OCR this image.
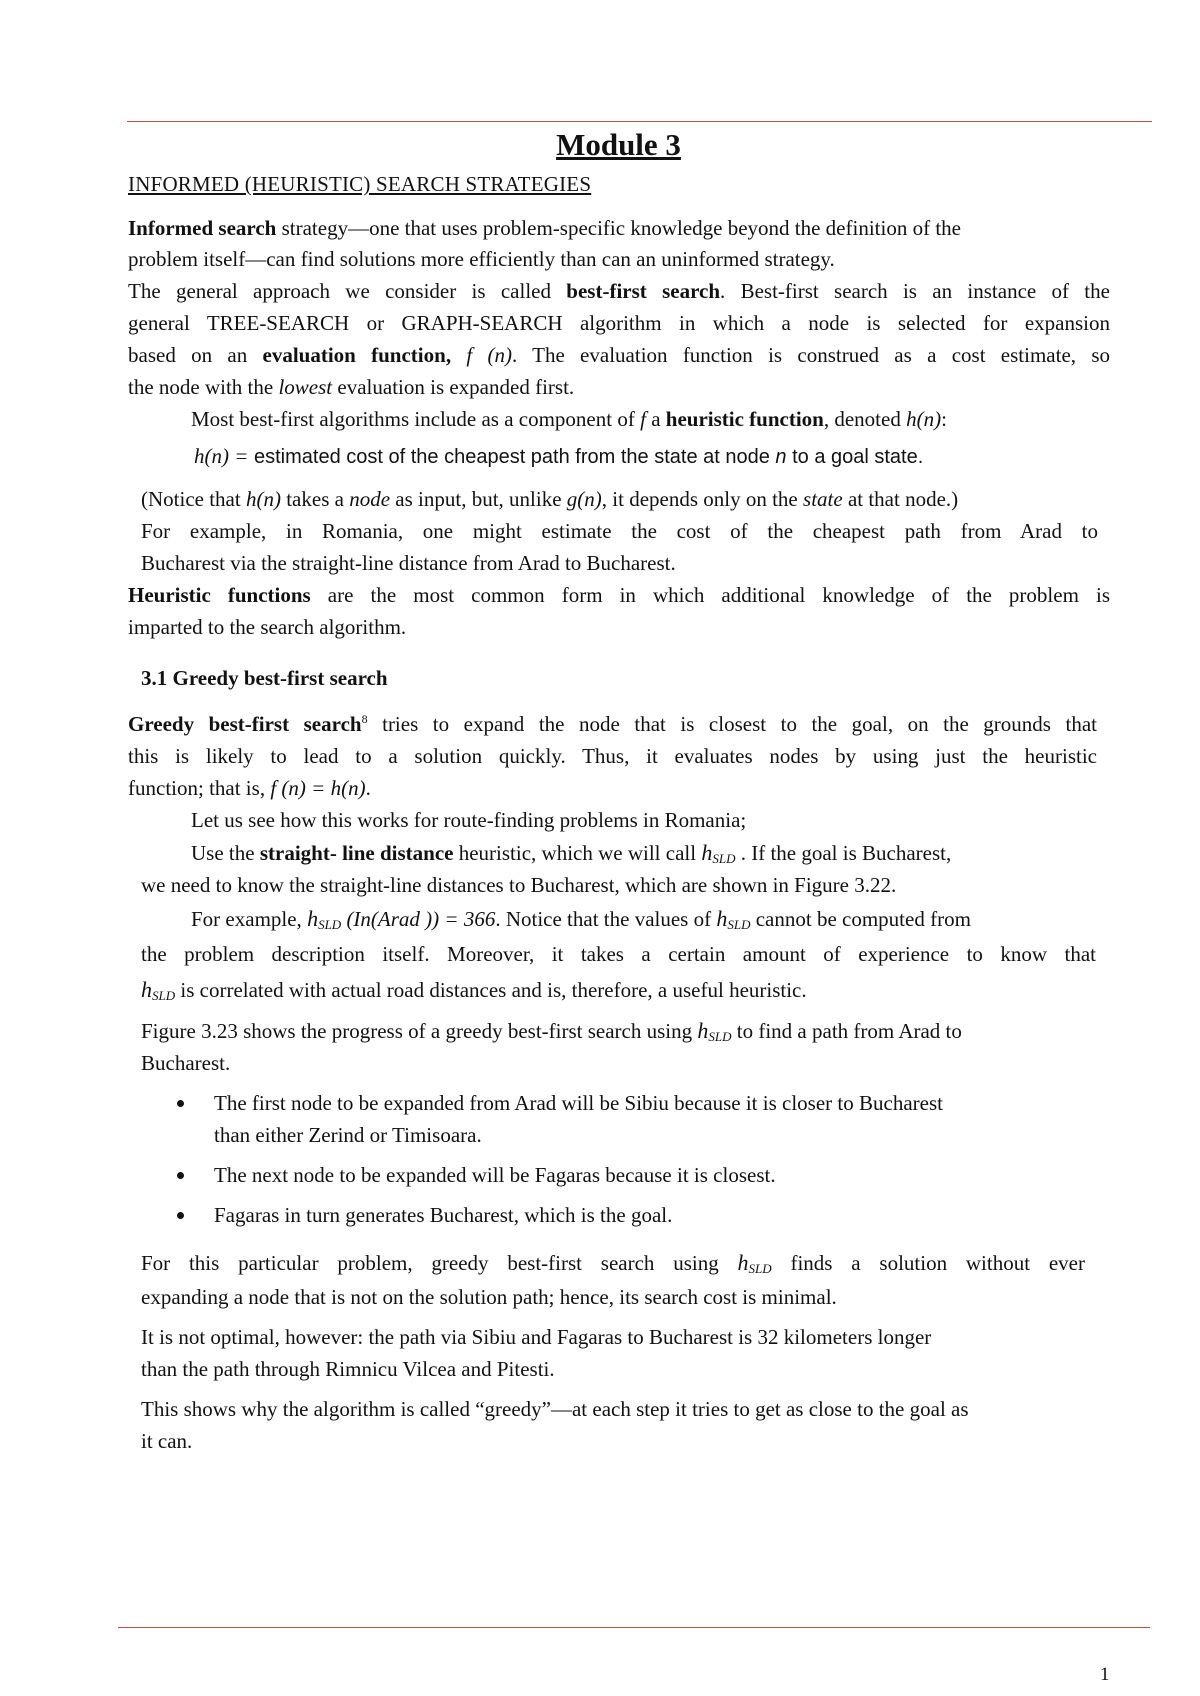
Module 3
INFORMED (HEURISTIC) SEARCH STRATEGIES
Informed search strategy—one that uses problem-specific knowledge beyond the definition of the
problem itself—can find solutions more efficiently than can an uninformed strategy.
The general approach we consider is called best-first search. Best-first search is an instance of the
general TREE-SEARCH or GRAPH-SEARCH algorithm in which a node is selected for expansion
based on an evaluation function, f (n). The evaluation function is construed as a cost estimate, so
the node with the lowest evaluation is expanded first.
Most best-first algorithms include as a component of f a heuristic function, denoted h(n):
h(n) = estimated cost of the cheapest path from the state at node n to a goal state.
(Notice that h(n) takes a node as input, but, unlike g(n), it depends only on the state at that node.)
For example, in Romania, one might estimate the cost of the cheapest path from Arad to
Bucharest via the straight-line distance from Arad to Bucharest.
Heuristic functions are the most common form in which additional knowledge of the problem is
imparted to the search algorithm.
3.1 Greedy best-first search
Greedy best-first search$^8$ tries to expand the node that is closest to the goal, on the grounds that
this is likely to lead to a solution quickly. Thus, it evaluates nodes by using just the heuristic
function; that is, f (n) = h(n).
Let us see how this works for route-finding problems in Romania;
Use the straight- line distance heuristic, which we will call $h_{SLD}$ . If the goal is Bucharest,
we need to know the straight-line distances to Bucharest, which are shown in Figure 3.22.
For example, $h_{SLD}$ (In(Arad )) = 366. Notice that the values of $h_{SLD}$ cannot be computed from
the problem description itself. Moreover, it takes a certain amount of experience to know that
$h_{SLD}$ is correlated with actual road distances and is, therefore, a useful heuristic.
Figure 3.23 shows the progress of a greedy best-first search using $h_{SLD}$ to find a path from Arad to
Bucharest.
The first node to be expanded from Arad will be Sibiu because it is closer to Bucharest
than either Zerind or Timisoara.
The next node to be expanded will be Fagaras because it is closest.
Fagaras in turn generates Bucharest, which is the goal.
For this particular problem, greedy best-first search using $h_{SLD}$ finds a solution without ever
expanding a node that is not on the solution path; hence, its search cost is minimal.
It is not optimal, however: the path via Sibiu and Fagaras to Bucharest is 32 kilometers longer
than the path through Rimnicu Vilcea and Pitesti.
This shows why the algorithm is called “greedy”—at each step it tries to get as close to the goal as
it can.
1
